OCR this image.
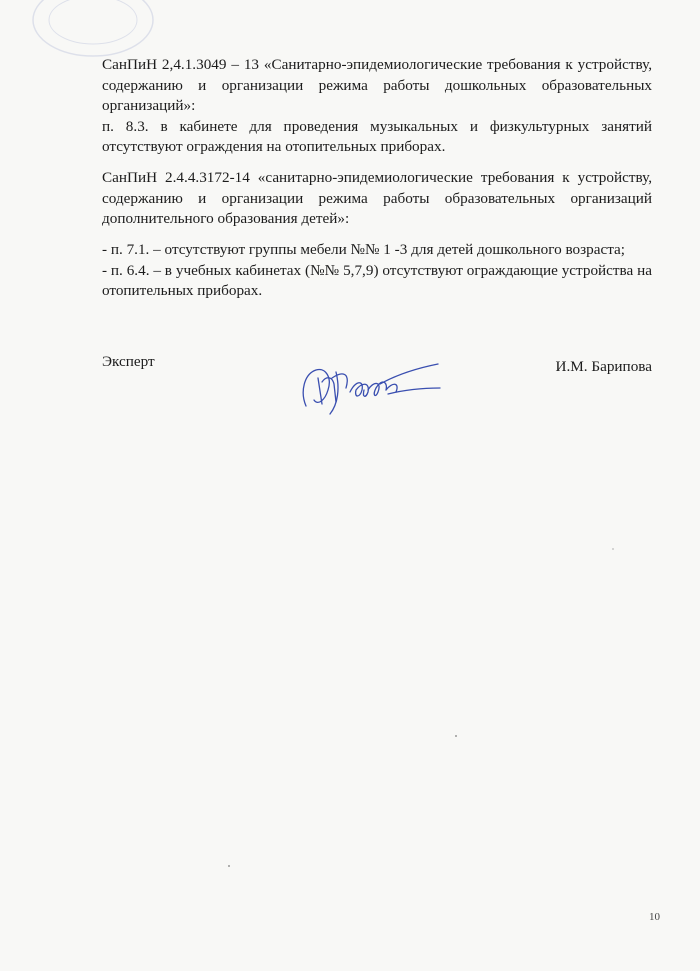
СанПиН 2,4.1.3049 – 13 «Санитарно-эпидемиологические требования к устройству, содержанию и организации режима работы дошкольных образовательных организаций»:

п. 8.3. в кабинете для проведения музыкальных и физкультурных занятий отсутствуют ограждения на отопительных приборах.

СанПиН 2.4.4.3172-14 «санитарно-эпидемиологические требования к устройству, содержанию и организации режима работы образовательных организаций дополнительного образования детей»:

- п. 7.1. – отсутствуют группы мебели №№ 1 -3 для детей дошкольного возраста;

- п. 6.4. – в учебных кабинетах (№№ 5,7,9) отсутствуют ограждающие устройства на отопительных приборах.

Эксперт	И.М. Барипова
10
